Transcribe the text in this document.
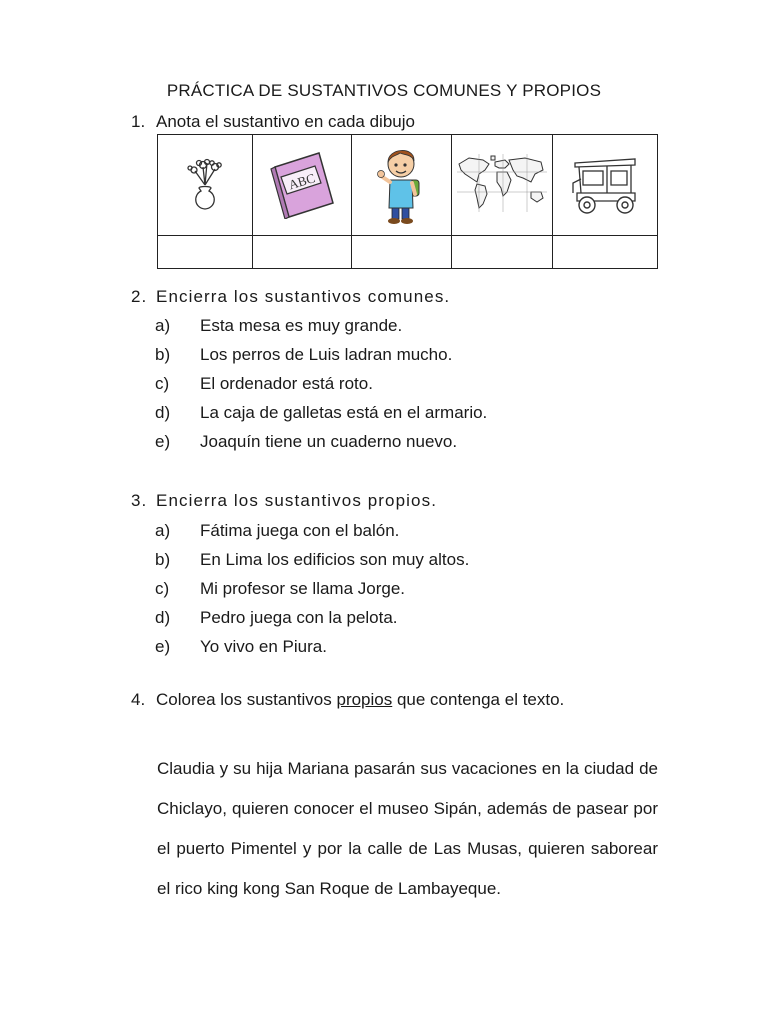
PRÁCTICA DE SUSTANTIVOS COMUNES Y PROPIOS
1. Anota el sustantivo en cada dibujo

ABC

2. Encierra los sustantivos comunes.
a) Esta mesa es muy grande.
b) Los perros de Luis ladran mucho.
c) El ordenador está roto.
d) La caja de galletas está en el armario.
e) Joaquín tiene un cuaderno nuevo.
3. Encierra los sustantivos propios.
a) Fátima juega con el balón.
b) En Lima los edificios son muy altos.
c) Mi profesor se llama Jorge.
d) Pedro juega con la pelota.
e) Yo vivo en Piura.
4. Colorea los sustantivos propios que contenga el texto.

Claudia y su hija Mariana pasarán sus vacaciones en la ciudad de Chiclayo, quieren conocer el museo Sipán, además de pasear por el puerto Pimentel y por la calle de Las Musas, quieren saborear el rico king kong San Roque de Lambayeque.
